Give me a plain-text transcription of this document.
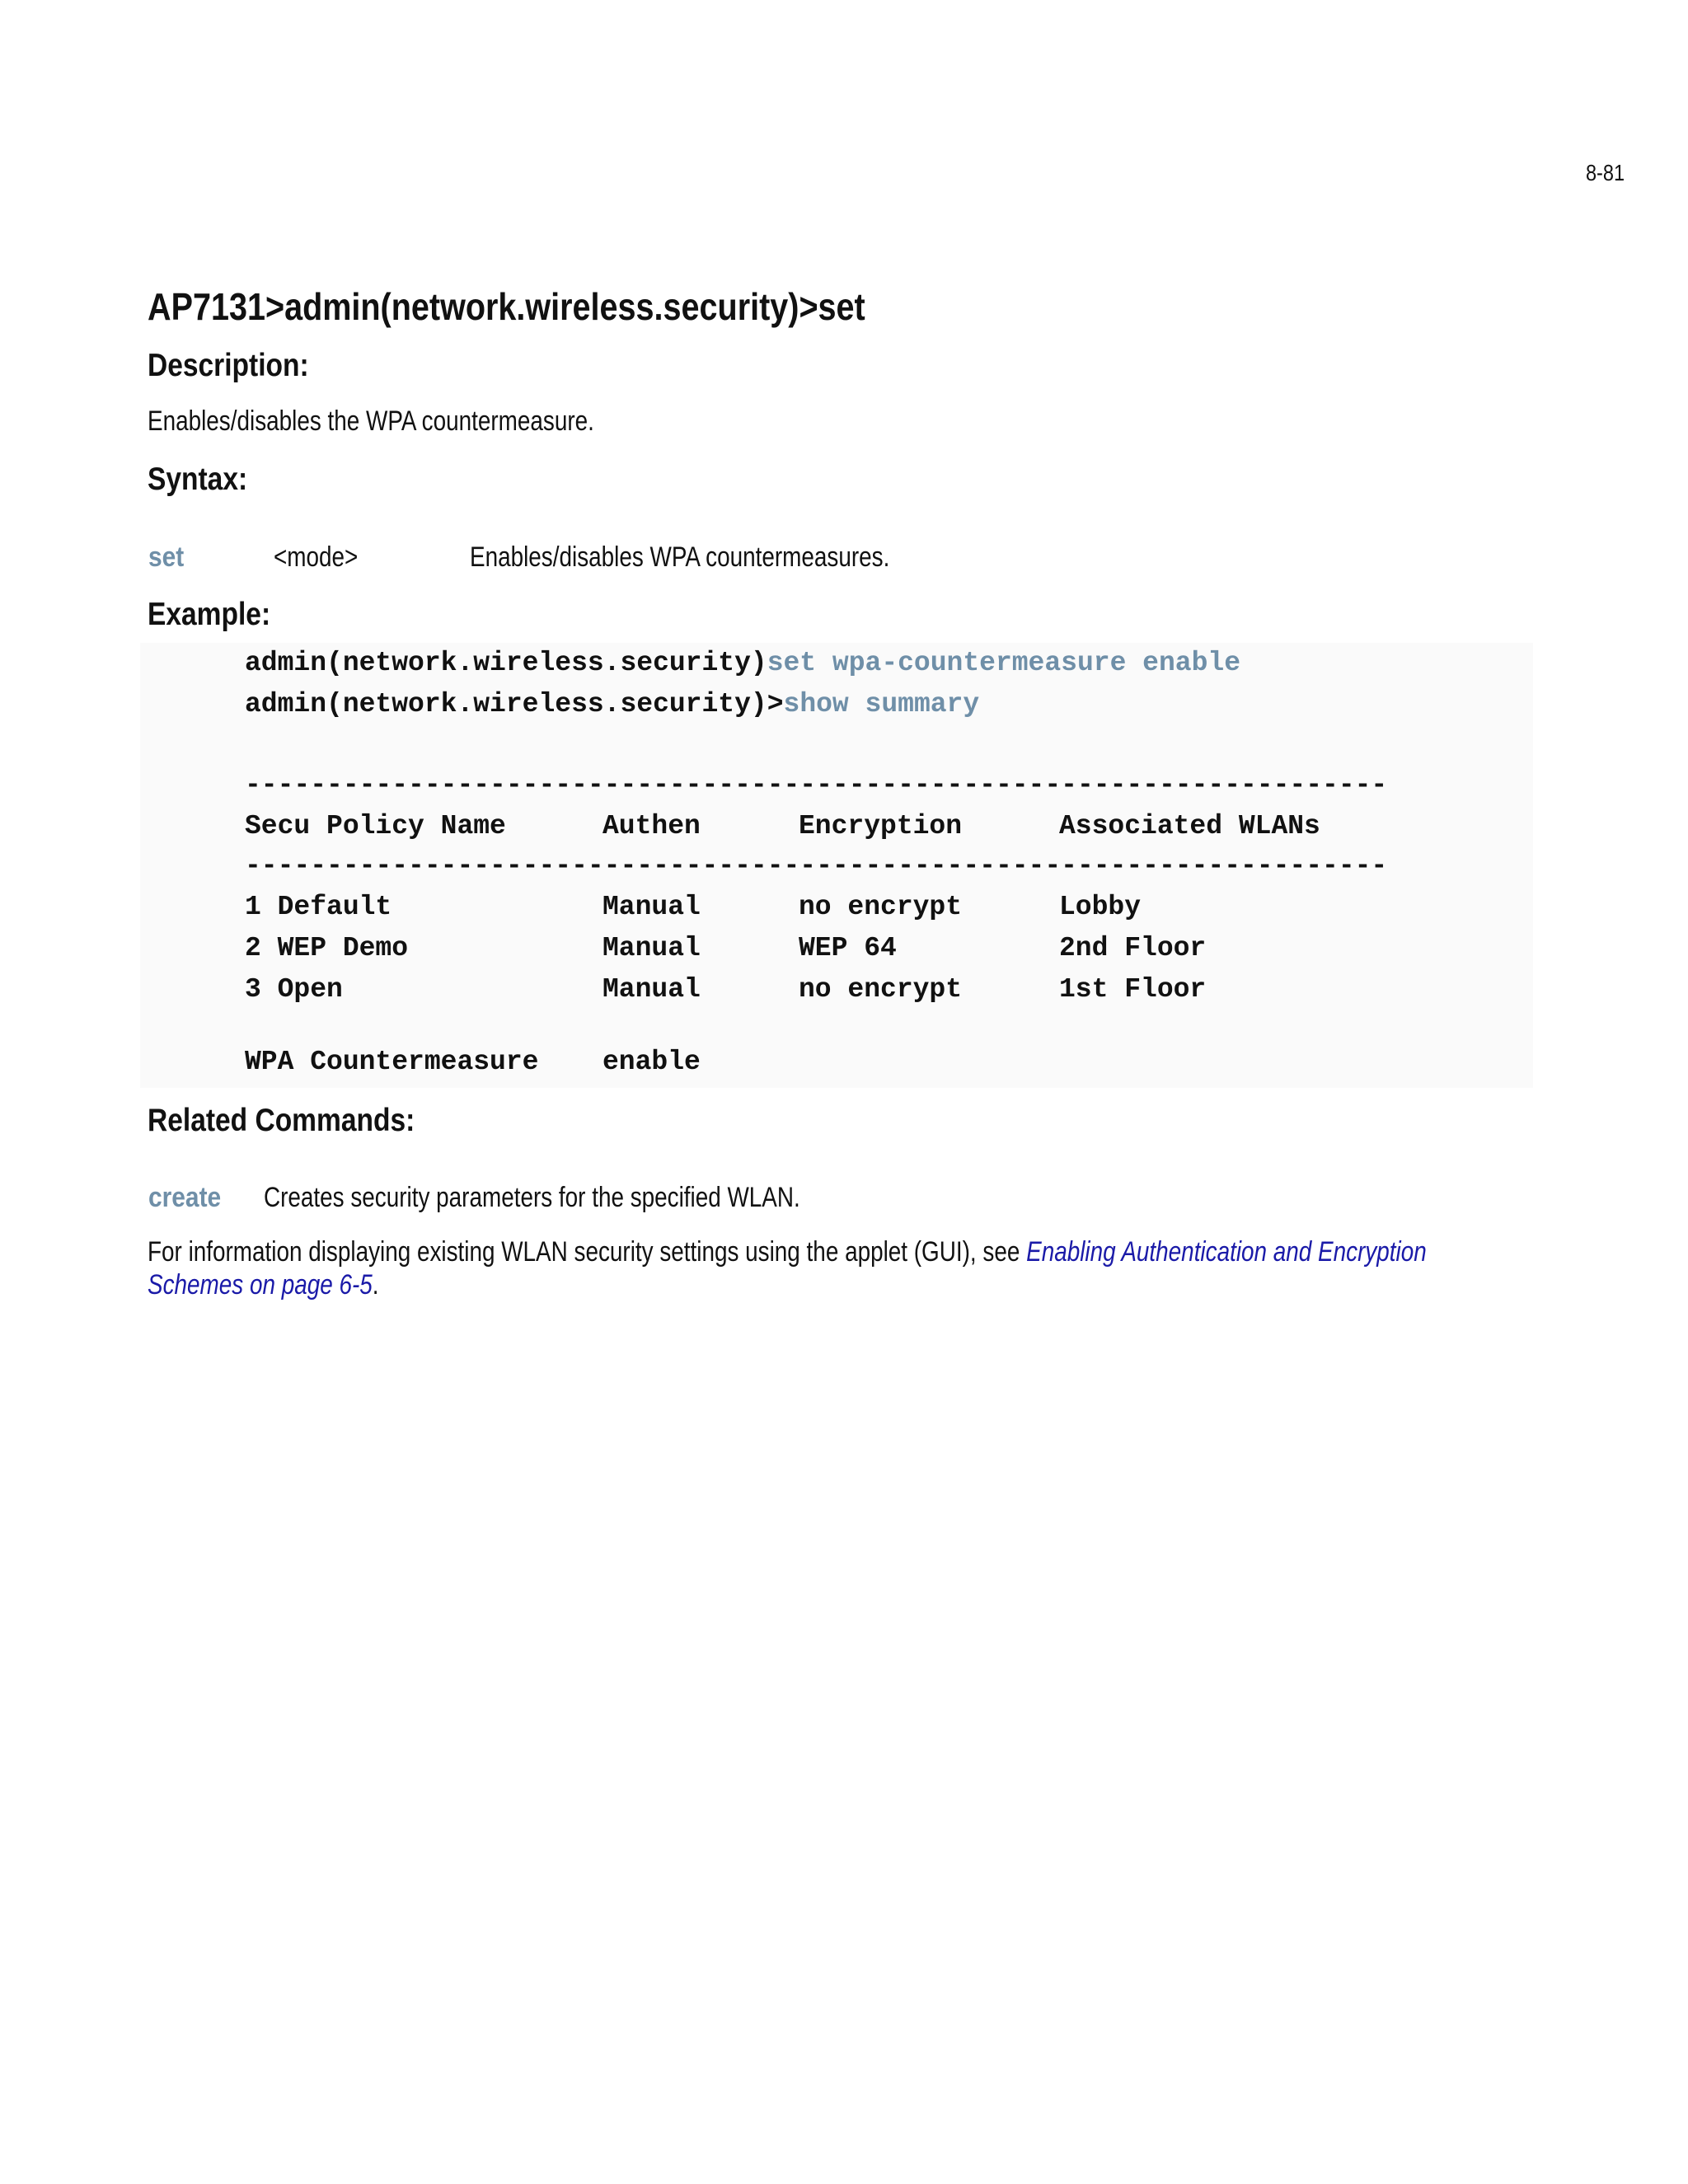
8-81
AP7131>admin(network.wireless.security)>set
Description:
Enables/disables the WPA countermeasure.
Syntax:
set	<mode>	Enables/disables WPA countermeasures.
Example:
admin(network.wireless.security)set wpa-countermeasure enable
admin(network.wireless.security)>show summary
----------------------------------------------------------------------
Secu Policy Name	Authen	Encryption	Associated WLANs
----------------------------------------------------------------------
1 Default	Manual	no encrypt	Lobby
2 WEP Demo	Manual	WEP 64	2nd Floor
3 Open	Manual	no encrypt	1st Floor
WPA Countermeasure enable
Related Commands:
create Creates security parameters for the specified WLAN.
For information displaying existing WLAN security settings using the applet (GUI), see Enabling Authentication and Encryption
Schemes on page 6-5.
